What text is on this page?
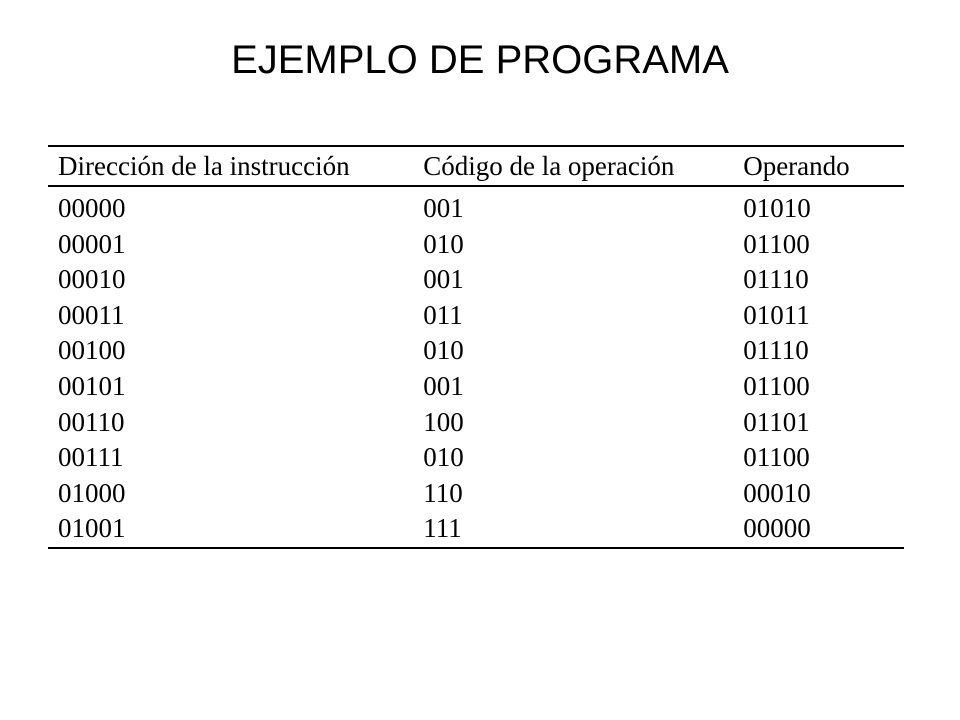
EJEMPLO DE PROGRAMA
Dirección de la instrucción	Código de la operación	Operando
00000	001	01010
00001	010	01100
00010	001	01110
00011	011	01011
00100	010	01110
00101	001	01100
00110	100	01101
00111	010	01100
01000	110	00010
01001	111	00000
